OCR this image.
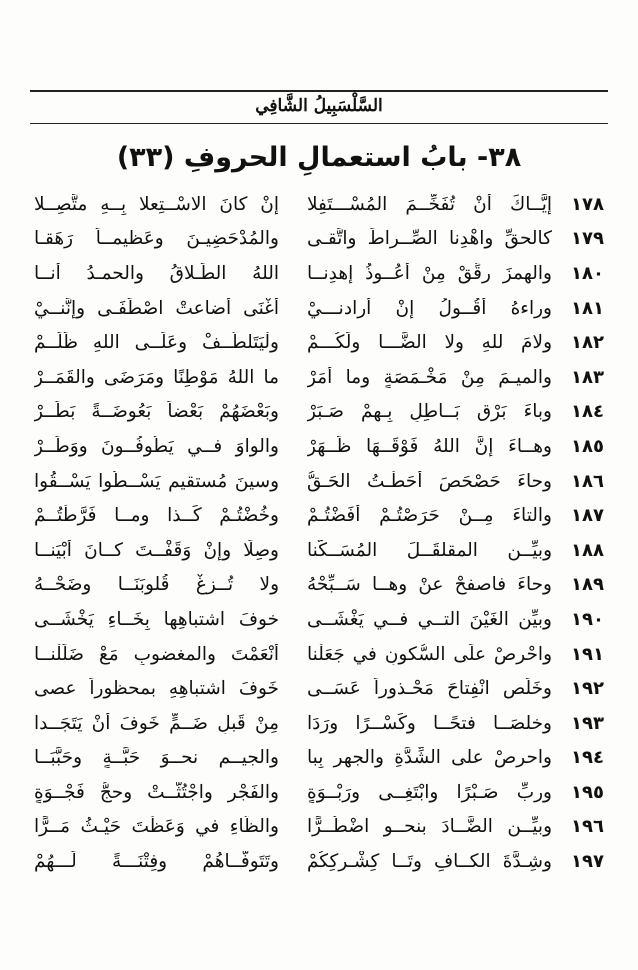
السَّلْسَبِيلُ الشَّافِي
٣٨- بابُ استعمالِ الحروفِ (٣٣)
١٧٨
إيَّــاكَ أَنْ تُفَخِّــمَ المُسْـــتَفِلا
إنْ كانَ الاسْــتِعلا بِــهِ متَّصِــلا
١٧٩
كالحقِّ واهْدِنا الصِّــراطَ واتَّقـى
والمُدْحَضِيـنَ وعَظيمــاً رَهَقـا
١٨٠
والهمزَ رقِّقْ مِنْ أَعُــوذُ إِهدِنــا
اللهُ الطَـلاقُ والحمـدُ أَنــا
١٨١
وراءهُ أَقُــولُ إنْ أَرادنـــيْ
أَغْنَى أَضاعتْ اصْطَفَـى وإنَّنــيْ
١٨٢
ولامَ للهِ ولا الضَّـــا ولَكُـــمْ
ولْيَتَلطَّــفْ وعَلَــى اللهِ ظَلَــمْ
١٨٣
والميـمَ مِنْ مَخْـمَصَةٍ وما أَمَرْ
ما اللهُ مَوْطِنًا ومَرَضَى والقَمَــرْ
١٨٤
وباءَ بَرْقٍ بَــاطِلٍ بِـهِمْ صَـبَرْ
وبَعْضَهُمْ بَعْضاً بَعُوضَــةً بَطَــرْ
١٨٥
وهــاءَ إنَّ اللهُ فَوْقَــهَا ظَــهَرْ
والواوَ فــي يَطُوفُــونَ ووَطَــرْ
١٨٦
وحاءَ حَصْحَصَ أَحَطْـتُ الحَـقُّ
وسينَ مُستقيمِ يَسْــطُوا يَسْــقُوا
١٨٧
والتاءَ مِــنْ حَرَصْتُـمْ أَفَضْتُـمْ
وخُضْتُـمْ كَــذا ومــا فَرَّطْتُــمْ
١٨٨
وبيِّــنِ المقلقَــلَ المُسَــكَّنا
وصِلًا وإنْ وَقَفْــتَ كــانَ أَبْيَنــا
١٨٩
وحاءَ فاصفحْ عنْ وهــا سَــبِّحْهُ
ولا تُــزِغْ قُلوبَنَــا وضَحْــهُ
١٩٠
وبيِّنِ الغَيْنَ التــي فــي يَغْشَــى
خوفَ اشتباهِها بِخَــاءِ يَخْشَــى
١٩١
واحْرِصْ علَى السُّكونِ في جَعَلْنا
أَنْعَمْتَ والمغضوبِ مَعْ ضَلَلْنــا
١٩٢
وخَلِّصِ انْفِتاحَ مَحْـذوراً عَسَــى
خَوفَ اشتباهِهِ بمحظوراً عصى
١٩٣
وخلصَــا فتحًــا وكَسْــرًا ورَدَا
مِنْ قَبلِ ضَــمٍّ خَوفَ أَنْ يَتَجَــدا
١٩٤
واحرصْ على الشِّدَّةِ والجهرِ بِبا
والجيــمِ نحــوَ حَبَّــةٍ وحَبَّبَــا
١٩٥
وربِّ صَـبْرًا وابْتَغِــى ورَبْــوَةٍ
والفَجْرِ واجْتُثَّــتْ وحجُّ فَجْــوَةٍ
١٩٦
وبيِّــنِ الضَّــادَ بنحــوِ اضْطُــرًّا
والظَّاءِ في وَعَظْتَ حَيْـثُ مَــرًّا
١٩٧
وشِـدَّةَ الكــافِ وتَــا كِشْـرِكِكُمْ
وتَتَوفَّــاهُمْ وفِتْنَـــةً لَـــهُمْ
